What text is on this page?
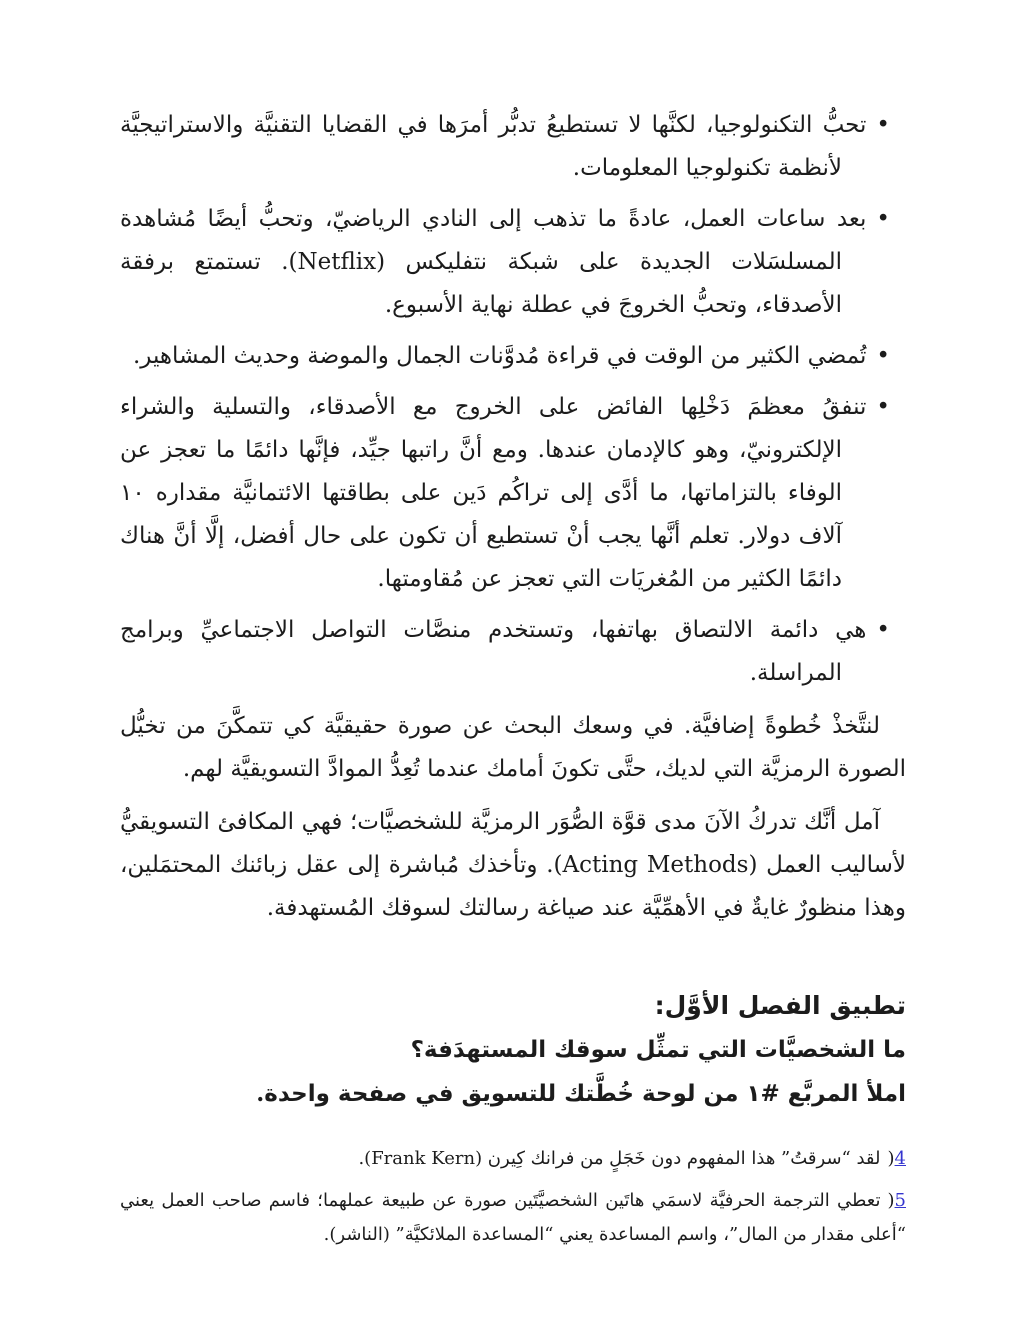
• تحبُّ التكنولوجيا، لكنَّها لا تستطيعُ تدبُّر أمرَها في القضايا التقنيَّة والاستراتيجيَّة لأنظمة تكنولوجيا المعلومات.
• بعد ساعات العمل، عادةً ما تذهب إلى النادي الرياضيّ، وتحبُّ أيضًا مُشاهدة المسلسَلات الجديدة على شبكة نتفليكس (Netflix). تستمتع برفقة الأصدقاء، وتحبُّ الخروجَ في عطلة نهاية الأسبوع.
• تُمضي الكثير من الوقت في قراءة مُدوَّنات الجمال والموضة وحديث المشاهير.
• تنفقُ معظمَ دَخْلِها الفائض على الخروج مع الأصدقاء، والتسلية والشراء الإلكترونيّ، وهو كالإدمان عندها. ومع أنَّ راتبها جيِّد، فإنَّها دائمًا ما تعجز عن الوفاء بالتزاماتها، ما أدَّى إلى تراكُم دَين على بطاقتها الائتمانيَّة مقداره ١٠ آلاف دولار. تعلم أنَّها يجب أنْ تستطيع أن تكون على حال أفضل، إلَّا أنَّ هناك دائمًا الكثير من المُغريَات التي تعجز عن مُقاومتها.
• هي دائمة الالتصاق بهاتفها، وتستخدم منصَّات التواصل الاجتماعيِّ وبرامج المراسلة.

لنتَّخذْ خُطوةً إضافيَّة. في وسعك البحث عن صورة حقيقيَّة كي تتمكَّنَ من تخيُّل الصورة الرمزيَّة التي لديك، حتَّى تكونَ أمامك عندما تُعِدُّ الموادَّ التسويقيَّة لهم.

آمل أنَّك تدركُ الآنَ مدى قوَّة الصُّوَر الرمزيَّة للشخصيَّات؛ فهي المكافئ التسويقيُّ لأساليب العمل (Acting Methods). وتأخذك مُباشرة إلى عقل زبائنك المحتمَلين، وهذا منظورٌ غايةٌ في الأهمِّيَّة عند صياغة رسالتك لسوقك المُستهدفة.

تطبيق الفصل الأوَّل:
ما الشخصيَّات التي تمثِّل سوقك المستهدَفة؟
املأ المربَّع #١ من لوحة خُطَّتك للتسويق في صفحة واحدة.
4)لقد “سرقتُ” هذا المفهوم دون خَجَلٍ من فرانك كِيرن (Frank Kern).
5)تعطي الترجمة الحرفيَّة لاسمَي هاتَين الشخصيَّتَين صورة عن طبيعة عملهما؛ فاسم صاحب العمل يعني “أعلى مقدار من المال”، واسم المساعدة يعني “المساعدة الملائكيَّة” (الناشر).
